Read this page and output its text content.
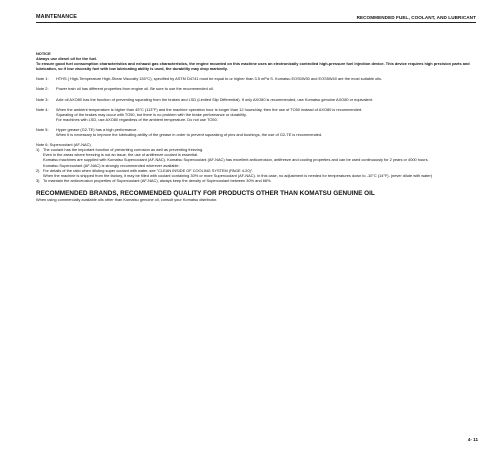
MAINTENANCE	RECOMMENDED FUEL, COOLANT, AND LUBRICANT
NOTICE
Always use diesel oil for the fuel.
To ensure good fuel consumption characteristics and exhaust gas characteristics, the engine mounted on this machine uses an electronically controlled high-pressure fuel injection device. This device requires high precision parts and lubrication, so if low viscosity fuel with low lubricating ability is used, the durability may drop markedly.
Note 1:	HTHS ( High-Temperature High-Shear Viscosity 150°C), specified by ASTM D4741 must be equal to or higher than 3.5 mPa·S. Komatsu EOS0W30 and EOS5W40 are the most suitable oils.

Note 2:	Power train oil has different properties from engine oil. Be sure to use the recommended oil.

Note 3:	Axle oil AXO80 has the function of preventing squealing from the brakes and LSD (Limited Slip Differential). If only AXO80 is recommended, use Komatsu genuine AXO80 or equivalent.

Note 4:	When the ambient temperature is higher than 45°C (113°F) and the machine operation hour is longer than 12 hours/day, then the use of TO50 instead of AXO80 is recommended.

Squealing of the brakes may occur with TO50, but there is no problem with the brake performance or durability.

For machines with LSD, use AXO80 regardless of the ambient temperature. Do not use TO50.

Note 5:	Hyper grease (G2-TE) has a high performance.

When it is necessary to improve the lubricating ability of the grease in order to prevent squeaking of pins and bushings, the use of G2-TE is recommended.

Note 6: Supercoolant (AF-NAC)
1) The coolant has the important function of preventing corrosion as well as preventing freezing.

Even in the areas where freezing is not an issue, the use of antifreeze coolant is essential.

Komatsu machines are supplied with Komatsu Supercoolant (AF-NAC). Komatsu Supercoolant (AF-NAC) has excellent anticorrosion, antifreeze and cooling properties and can be used continuously for 2 years or 4000 hours.

Komatsu Supercoolant (AF-NAC) is strongly recommended wherever available.

2) For details of the ratio when diluting super coolant with water, see "CLEAN INSIDE OF COOLING SYSTEM (PAGE 4-20)".

When the machine is shipped from the factory, it may be filled with coolant containing 30% or more Supercoolant (AF-NAC). In this case, no adjustment is needed for temperatures down to -10°C (14°F). (never dilute with water)

3) To maintain the anticorrosion properties of Supercoolant (AF-NAC), always keep the density of Supercoolant between 30% and 68%.

RECOMMENDED BRANDS, RECOMMENDED QUALITY FOR PRODUCTS OTHER THAN KOMATSU GENUINE OIL
When using commercially available oils other than Komatsu genuine oil, consult your Komatsu distributor.
4- 11
